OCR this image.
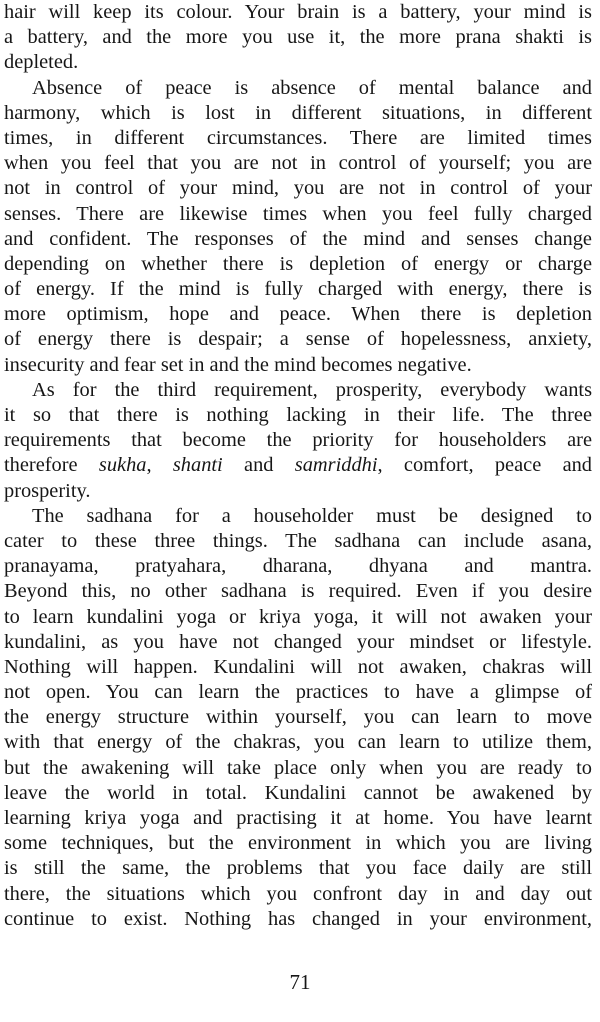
hair will keep its colour. Your brain is a battery, your mind is
a battery, and the more you use it, the more prana shakti is
depleted.
Absence of peace is absence of mental balance and
harmony, which is lost in different situations, in different
times, in different circumstances. There are limited times
when you feel that you are not in control of yourself; you are
not in control of your mind, you are not in control of your
senses. There are likewise times when you feel fully charged
and confident. The responses of the mind and senses change
depending on whether there is depletion of energy or charge
of energy. If the mind is fully charged with energy, there is
more optimism, hope and peace. When there is depletion
of energy there is despair; a sense of hopelessness, anxiety,
insecurity and fear set in and the mind becomes negative.
As for the third requirement, prosperity, everybody wants
it so that there is nothing lacking in their life. The three
requirements that become the priority for householders are
therefore sukha, shanti and samriddhi, comfort, peace and
prosperity.
The sadhana for a householder must be designed to
cater to these three things. The sadhana can include asana,
pranayama, pratyahara, dharana, dhyana and mantra.
Beyond this, no other sadhana is required. Even if you desire
to learn kundalini yoga or kriya yoga, it will not awaken your
kundalini, as you have not changed your mindset or lifestyle.
Nothing will happen. Kundalini will not awaken, chakras will
not open. You can learn the practices to have a glimpse of
the energy structure within yourself, you can learn to move
with that energy of the chakras, you can learn to utilize them,
but the awakening will take place only when you are ready to
leave the world in total. Kundalini cannot be awakened by
learning kriya yoga and practising it at home. You have learnt
some techniques, but the environment in which you are living
is still the same, the problems that you face daily are still
there, the situations which you confront day in and day out
continue to exist. Nothing has changed in your environment,
71
